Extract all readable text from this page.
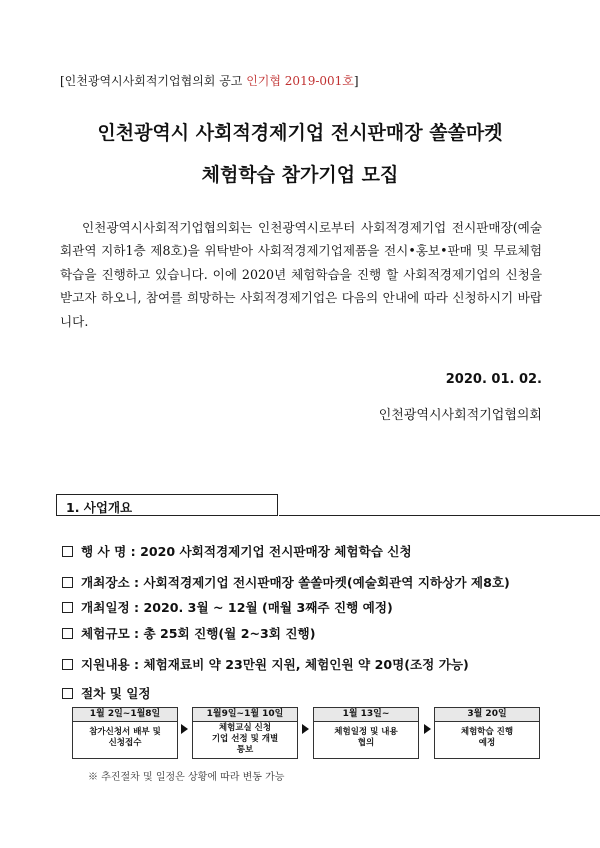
[인천광역시사회적기업협의회 공고 인기협 2019-001호]
인천광역시 사회적경제기업 전시판매장 쏠쏠마켓
체험학습 참가기업 모집
인천광역시사회적기업협의회는 인천광역시로부터 사회적경제기업 전시판매장(예술회관역 지하1층 제8호)을 위탁받아 사회적경제기업제품을 전시•홍보•판매 및 무료체험학습을 진행하고 있습니다. 이에 2020년 체험학습을 진행 할 사회적경제기업의 신청을 받고자 하오니, 참여를 희망하는 사회적경제기업은 다음의 안내에 따라 신청하시기 바랍니다.
2020. 01. 02.
인천광역시사회적기업협의회
1. 사업개요
행 사 명 : 2020 사회적경제기업 전시판매장 체험학습 신청
개최장소 : 사회적경제기업 전시판매장 쏠쏠마켓(예술회관역 지하상가 제8호)
개최일정 : 2020. 3월 ~ 12월 (매월 3째주 진행 예정)
체험규모 : 총 25회 진행(월 2~3회 진행)
지원내용 : 체험재료비 약 23만원 지원, 체험인원 약 20명(조정 가능)
절차 및 일정
1월 2일~1월8일
참가신청서 배부 및
신청접수
1월9일~1월 10일
체험교실 신청
기업 선정 및 개별
통보
1월 13일~
체험일정 및 내용
협의
3월 20일
체험학습 진행
예정
※ 추진절차 및 일정은 상황에 따라 변동 가능
